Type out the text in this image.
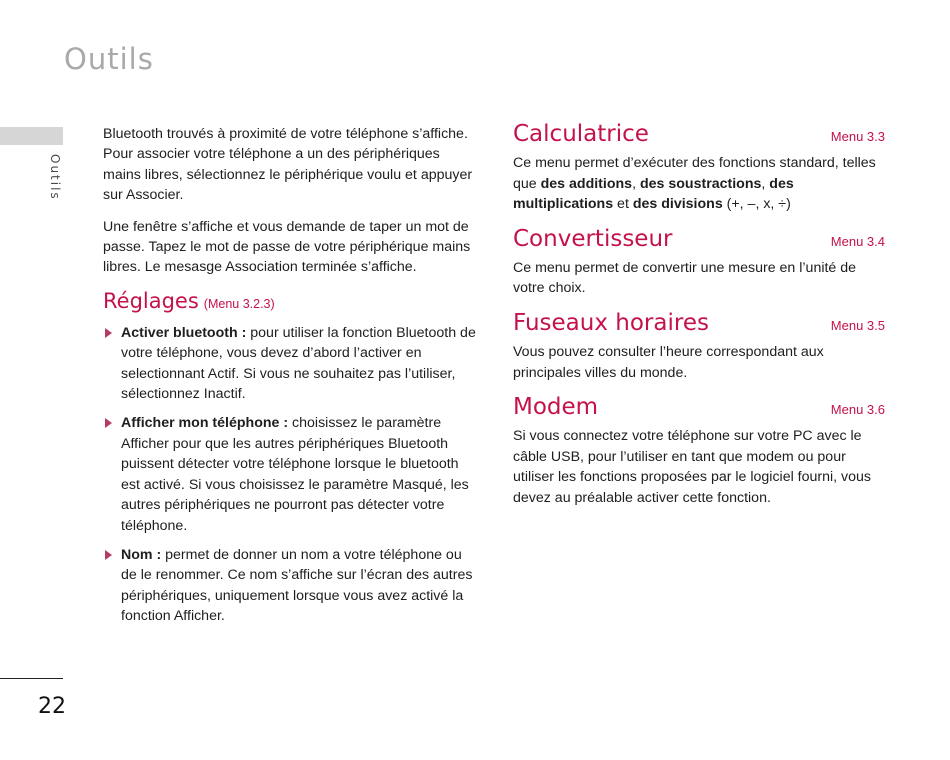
Outils
Outils
22

Bluetooth trouvés à proximité de votre téléphone s’affiche. Pour associer votre téléphone a un des périphériques mains libres, sélectionnez le périphérique voulu et appuyer sur Associer.

Une fenêtre s’affiche et vous demande de taper un mot de passe. Tapez le mot de passe de votre périphérique mains libres. Le mesasge Association terminée s’affiche.

Réglages (Menu 3.2.3)
Activer bluetooth : pour utiliser la fonction Bluetooth de votre téléphone, vous devez d’abord l’activer en selectionnant Actif. Si vous ne souhaitez pas l’utiliser, sélectionnez Inactif.
Afficher mon téléphone : choisissez le paramètre Afficher pour que les autres périphériques Bluetooth puissent détecter votre téléphone lorsque le bluetooth est activé. Si vous choisissez le paramètre Masqué, les autres périphériques ne pourront pas détecter votre téléphone.
Nom : permet de donner un nom a votre téléphone ou de le renommer. Ce nom s’affiche sur l’écran des autres périphériques, uniquement lorsque vous avez activé la fonction Afficher.
Calculatrice	Menu 3.3

Ce menu permet d’exécuter des fonctions standard, telles que des additions, des soustractions, des multiplications et des divisions (+, –, x, ÷)

Convertisseur	Menu 3.4

Ce menu permet de convertir une mesure en l’unité de votre choix.

Fuseaux horaires	Menu 3.5

Vous pouvez consulter l’heure correspondant aux principales villes du monde.

Modem	Menu 3.6

Si vous connectez votre téléphone sur votre PC avec le câble USB, pour l’utiliser en tant que modem ou pour utiliser les fonctions proposées par le logiciel fourni, vous devez au préalable activer cette fonction.
